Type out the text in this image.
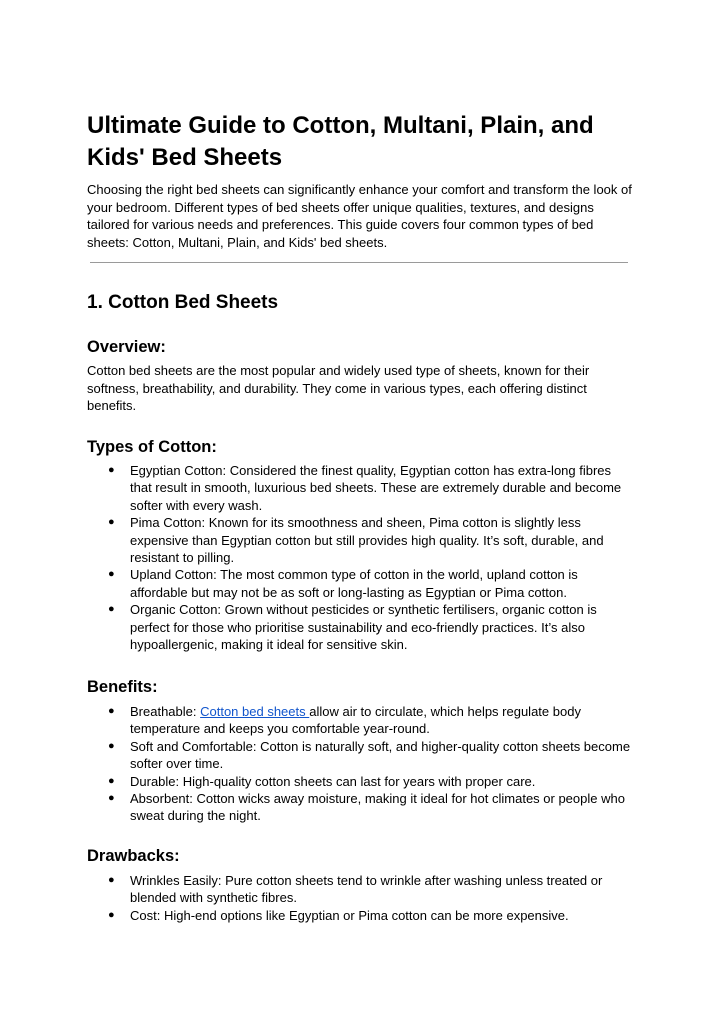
Ultimate Guide to Cotton, Multani, Plain, and Kids' Bed Sheets

Choosing the right bed sheets can significantly enhance your comfort and transform the look of your bedroom. Different types of bed sheets offer unique qualities, textures, and designs tailored for various needs and preferences. This guide covers four common types of bed sheets: Cotton, Multani, Plain, and Kids' bed sheets.

1. Cotton Bed Sheets
Overview:

Cotton bed sheets are the most popular and widely used type of sheets, known for their softness, breathability, and durability. They come in various types, each offering distinct benefits.

Types of Cotton:
● Egyptian Cotton: Considered the finest quality, Egyptian cotton has extra-long fibres that result in smooth, luxurious bed sheets. These are extremely durable and become softer with every wash.
● Pima Cotton: Known for its smoothness and sheen, Pima cotton is slightly less expensive than Egyptian cotton but still provides high quality. It’s soft, durable, and resistant to pilling.
● Upland Cotton: The most common type of cotton in the world, upland cotton is affordable but may not be as soft or long-lasting as Egyptian or Pima cotton.
● Organic Cotton: Grown without pesticides or synthetic fertilisers, organic cotton is perfect for those who prioritise sustainability and eco-friendly practices. It’s also hypoallergenic, making it ideal for sensitive skin.
Benefits:
● Breathable: Cotton bed sheets allow air to circulate, which helps regulate body temperature and keeps you comfortable year-round.
● Soft and Comfortable: Cotton is naturally soft, and higher-quality cotton sheets become softer over time.
● Durable: High-quality cotton sheets can last for years with proper care.
● Absorbent: Cotton wicks away moisture, making it ideal for hot climates or people who sweat during the night.
Drawbacks:
● Wrinkles Easily: Pure cotton sheets tend to wrinkle after washing unless treated or blended with synthetic fibres.
● Cost: High-end options like Egyptian or Pima cotton can be more expensive.
